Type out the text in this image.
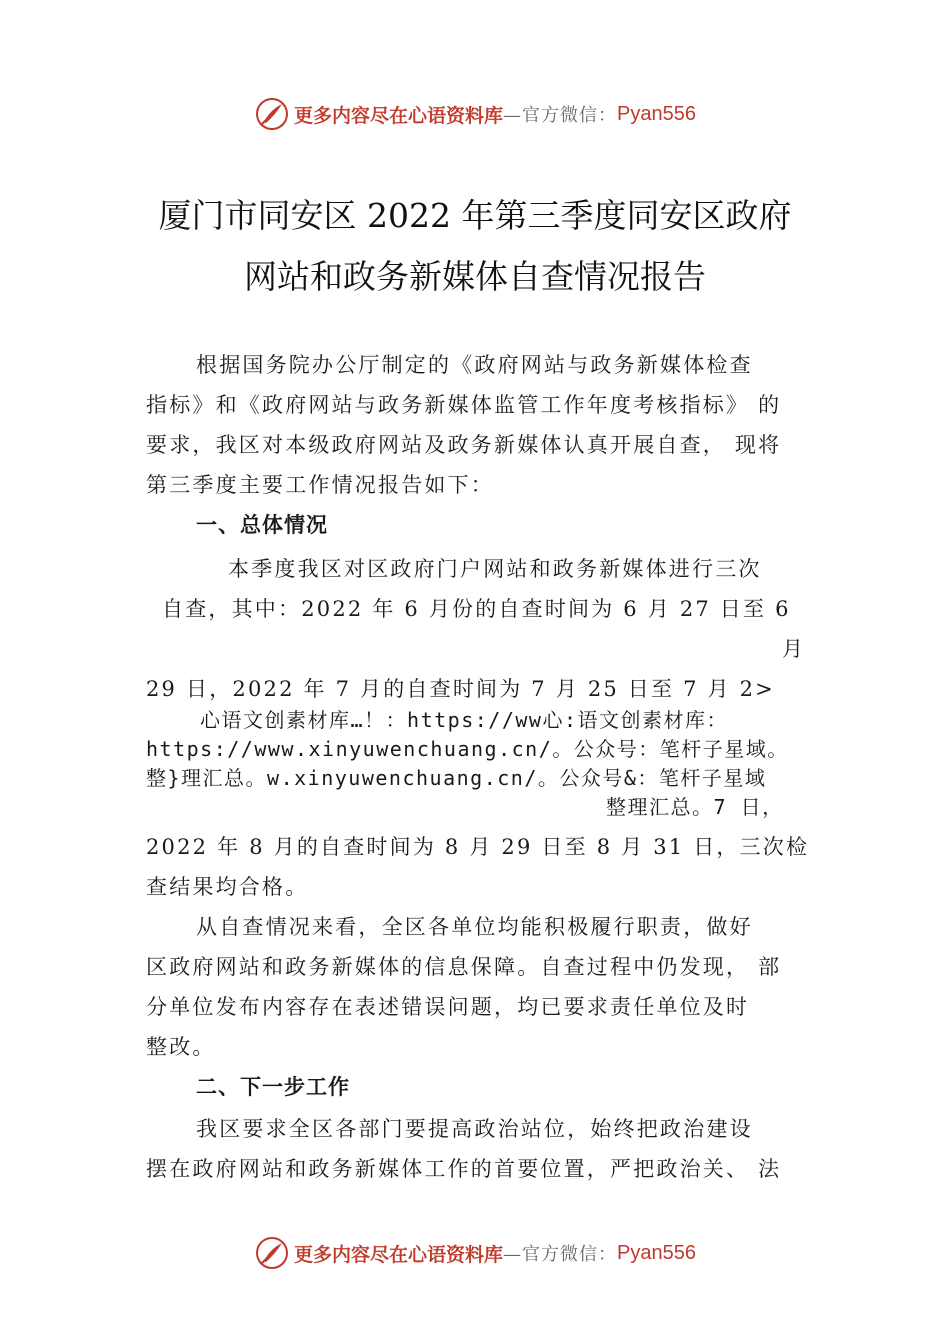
更多内容尽在心语资料库 —官方微信： Pyan556
厦门市同安区 2022 年第三季度同安区政府
网站和政务新媒体自查情况报告
根据国务院办公厅制定的《政府网站与政务新媒体检查
指标》和《政府网站与政务新媒体监管工作年度考核指标》 的
要求，我区对本级政府网站及政务新媒体认真开展自查， 现将
第三季度主要工作情况报告如下：
一、总体情况
本季度我区对区政府门户网站和政务新媒体进行三次
自查，其中：2022 年 6 月份的自查时间为 6 月 27 日至 6
月
29 日，2022 年 7 月的自查时间为 7 月 25 日至 7 月 2>
心语文创素材库…！：https://ww心:语文创素材库：
https://www.xinyuwenchuang.cn/。公众号：笔杆子星域。
整}理汇总。w.xinyuwenchuang.cn/。公众号&：笔杆子星域
整理汇总。7 日，
2022 年 8 月的自查时间为 8 月 29 日至 8 月 31 日，三次检
查结果均合格。
从自查情况来看，全区各单位均能积极履行职责，做好
区政府网站和政务新媒体的信息保障。自查过程中仍发现， 部
分单位发布内容存在表述错误问题，均已要求责任单位及时
整改。
二、下一步工作
我区要求全区各部门要提高政治站位，始终把政治建设
摆在政府网站和政务新媒体工作的首要位置，严把政治关、 法
更多内容尽在心语资料库 —官方微信： Pyan556
